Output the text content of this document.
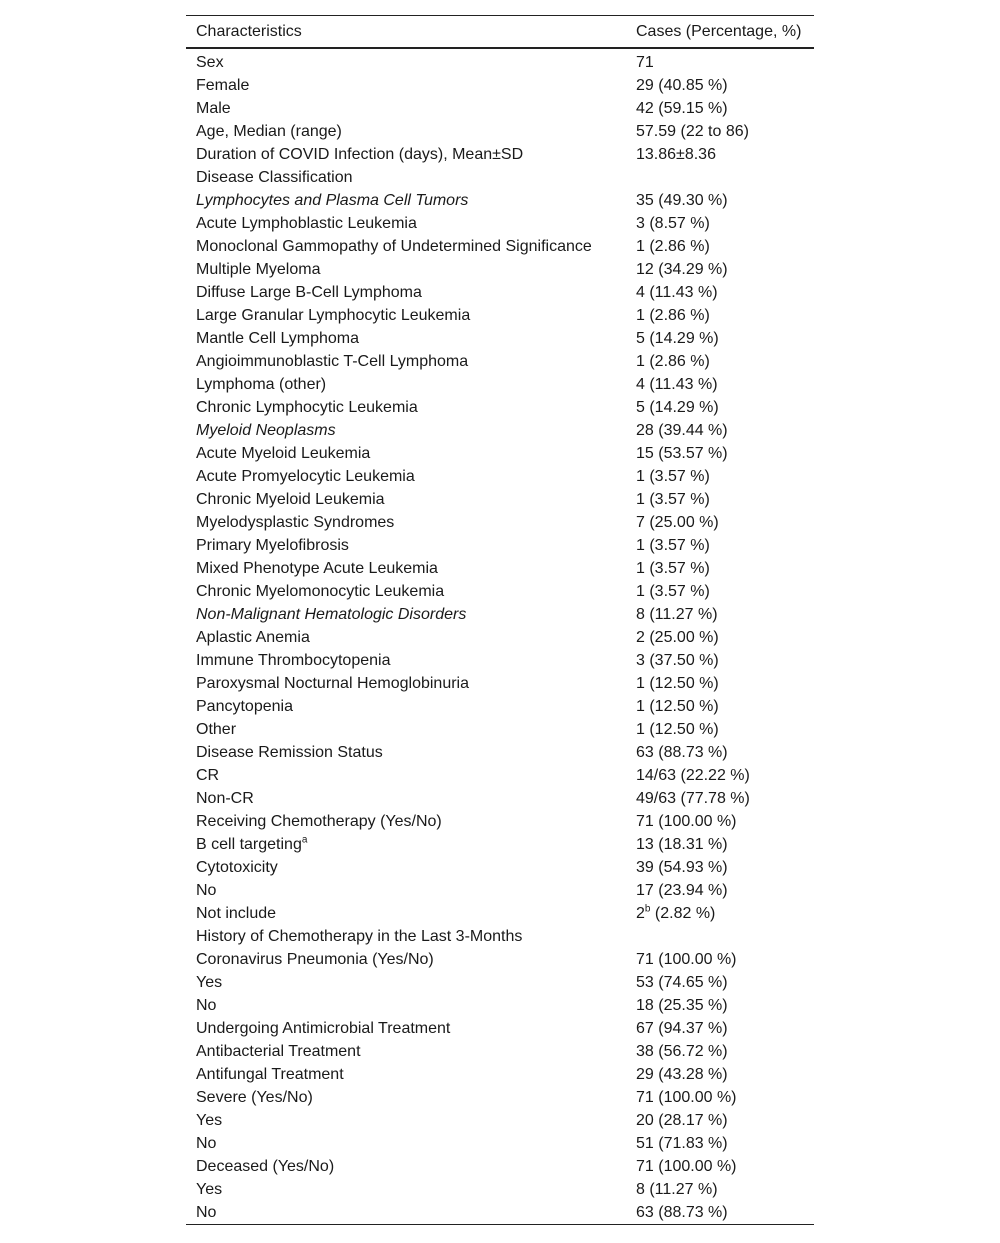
Characteristics	Cases (Percentage, %)
Sex	71
Female	29 (40.85 %)
Male	42 (59.15 %)
Age, Median (range)	57.59 (22 to 86)
Duration of COVID Infection (days), Mean±SD	13.86±8.36
Disease Classification	
Lymphocytes and Plasma Cell Tumors	35 (49.30 %)
Acute Lymphoblastic Leukemia	3 (8.57 %)
Monoclonal Gammopathy of Undetermined Significance	1 (2.86 %)
Multiple Myeloma	12 (34.29 %)
Diffuse Large B-Cell Lymphoma	4 (11.43 %)
Large Granular Lymphocytic Leukemia	1 (2.86 %)
Mantle Cell Lymphoma	5 (14.29 %)
Angioimmunoblastic T-Cell Lymphoma	1 (2.86 %)
Lymphoma (other)	4 (11.43 %)
Chronic Lymphocytic Leukemia	5 (14.29 %)
Myeloid Neoplasms	28 (39.44 %)
Acute Myeloid Leukemia	15 (53.57 %)
Acute Promyelocytic Leukemia	1 (3.57 %)
Chronic Myeloid Leukemia	1 (3.57 %)
Myelodysplastic Syndromes	7 (25.00 %)
Primary Myelofibrosis	1 (3.57 %)
Mixed Phenotype Acute Leukemia	1 (3.57 %)
Chronic Myelomonocytic Leukemia	1 (3.57 %)
Non-Malignant Hematologic Disorders	8 (11.27 %)
Aplastic Anemia	2 (25.00 %)
Immune Thrombocytopenia	3 (37.50 %)
Paroxysmal Nocturnal Hemoglobinuria	1 (12.50 %)
Pancytopenia	1 (12.50 %)
Other	1 (12.50 %)
Disease Remission Status	63 (88.73 %)
CR	14/63 (22.22 %)
Non-CR	49/63 (77.78 %)
Receiving Chemotherapy (Yes/No)	71 (100.00 %)
B cell targeting$^a$	13 (18.31 %)
Cytotoxicity	39 (54.93 %)
No	17 (23.94 %)
Not include	2$^b$ (2.82 %)
History of Chemotherapy in the Last 3-Months	
Coronavirus Pneumonia (Yes/No)	71 (100.00 %)
Yes	53 (74.65 %)
No	18 (25.35 %)
Undergoing Antimicrobial Treatment	67 (94.37 %)
Antibacterial Treatment	38 (56.72 %)
Antifungal Treatment	29 (43.28 %)
Severe (Yes/No)	71 (100.00 %)
Yes	20 (28.17 %)
No	51 (71.83 %)
Deceased (Yes/No)	71 (100.00 %)
Yes	8 (11.27 %)
No	63 (88.73 %)
